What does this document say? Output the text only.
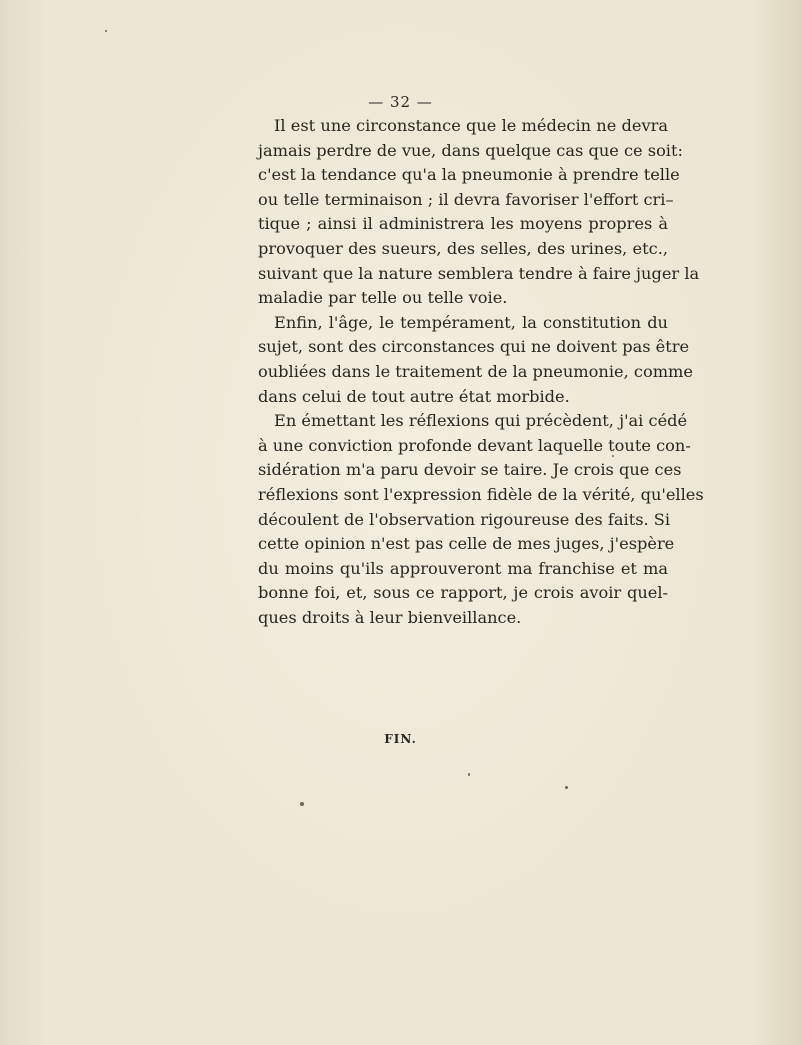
— 32 —

Il est une circonstance que le médecin ne devra
jamais perdre de vue, dans quelque cas que ce soit:
c'est la tendance qu'a la pneumonie à prendre telle
ou telle terminaison ; il devra favoriser l'effort cri–
tique ; ainsi il administrera les moyens propres à
provoquer des sueurs, des selles, des urines, etc.,
suivant que la nature semblera tendre à faire juger la
maladie par telle ou telle voie.

Enfin, l'âge, le tempérament, la constitution du
sujet, sont des circonstances qui ne doivent pas être
oubliées dans le traitement de la pneumonie, comme
dans celui de tout autre état morbide.

En émettant les réflexions qui précèdent, j'ai cédé
à une conviction profonde devant laquelle toute con-
sidération m'a paru devoir se taire. Je crois que ces
réflexions sont l'expression fidèle de la vérité, qu'elles
découlent de l'observation rigoureuse des faits. Si
cette opinion n'est pas celle de mes juges, j'espère
du moins qu'ils approuveront ma franchise et ma
bonne foi, et, sous ce rapport, je crois avoir quel-
ques droits à leur bienveillance.

FIN.
